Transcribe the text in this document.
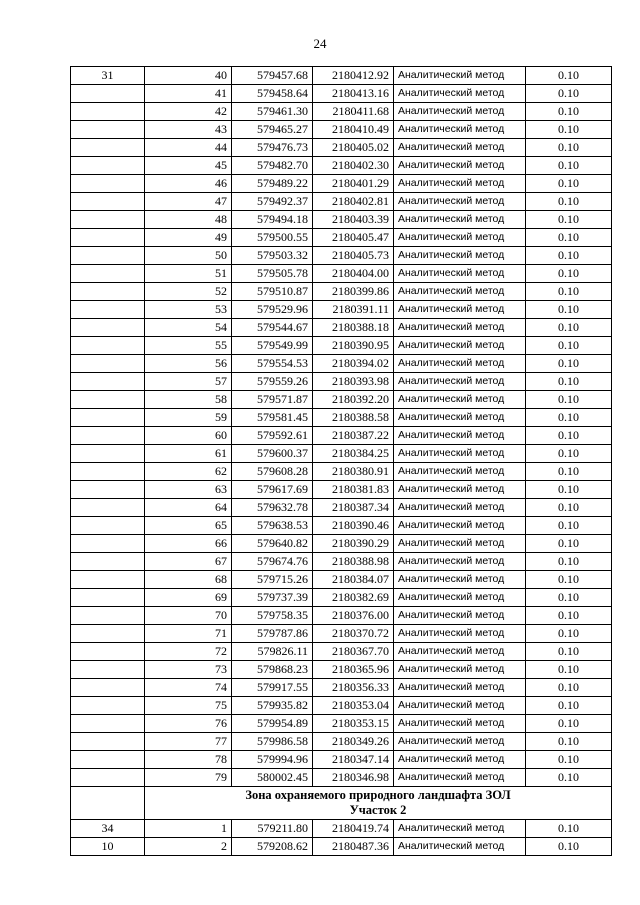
24
31	40	579457.68	2180412.92	Аналитический метод	0.10
	41	579458.64	2180413.16	Аналитический метод	0.10
	42	579461.30	2180411.68	Аналитический метод	0.10
	43	579465.27	2180410.49	Аналитический метод	0.10
	44	579476.73	2180405.02	Аналитический метод	0.10
	45	579482.70	2180402.30	Аналитический метод	0.10
	46	579489.22	2180401.29	Аналитический метод	0.10
	47	579492.37	2180402.81	Аналитический метод	0.10
	48	579494.18	2180403.39	Аналитический метод	0.10
	49	579500.55	2180405.47	Аналитический метод	0.10
	50	579503.32	2180405.73	Аналитический метод	0.10
	51	579505.78	2180404.00	Аналитический метод	0.10
	52	579510.87	2180399.86	Аналитический метод	0.10
	53	579529.96	2180391.11	Аналитический метод	0.10
	54	579544.67	2180388.18	Аналитический метод	0.10
	55	579549.99	2180390.95	Аналитический метод	0.10
	56	579554.53	2180394.02	Аналитический метод	0.10
	57	579559.26	2180393.98	Аналитический метод	0.10
	58	579571.87	2180392.20	Аналитический метод	0.10
	59	579581.45	2180388.58	Аналитический метод	0.10
	60	579592.61	2180387.22	Аналитический метод	0.10
	61	579600.37	2180384.25	Аналитический метод	0.10
	62	579608.28	2180380.91	Аналитический метод	0.10
	63	579617.69	2180381.83	Аналитический метод	0.10
	64	579632.78	2180387.34	Аналитический метод	0.10
	65	579638.53	2180390.46	Аналитический метод	0.10
	66	579640.82	2180390.29	Аналитический метод	0.10
	67	579674.76	2180388.98	Аналитический метод	0.10
	68	579715.26	2180384.07	Аналитический метод	0.10
	69	579737.39	2180382.69	Аналитический метод	0.10
	70	579758.35	2180376.00	Аналитический метод	0.10
	71	579787.86	2180370.72	Аналитический метод	0.10
	72	579826.11	2180367.70	Аналитический метод	0.10
	73	579868.23	2180365.96	Аналитический метод	0.10
	74	579917.55	2180356.33	Аналитический метод	0.10
	75	579935.82	2180353.04	Аналитический метод	0.10
	76	579954.89	2180353.15	Аналитический метод	0.10
	77	579986.58	2180349.26	Аналитический метод	0.10
	78	579994.96	2180347.14	Аналитический метод	0.10
	79	580002.45	2180346.98	Аналитический метод	0.10

	Зона охраняемого природного ландшафта ЗОЛ
Участок 2				

34	1	579211.80	2180419.74	Аналитический метод	0.10
10	2	579208.62	2180487.36	Аналитический метод	0.10
